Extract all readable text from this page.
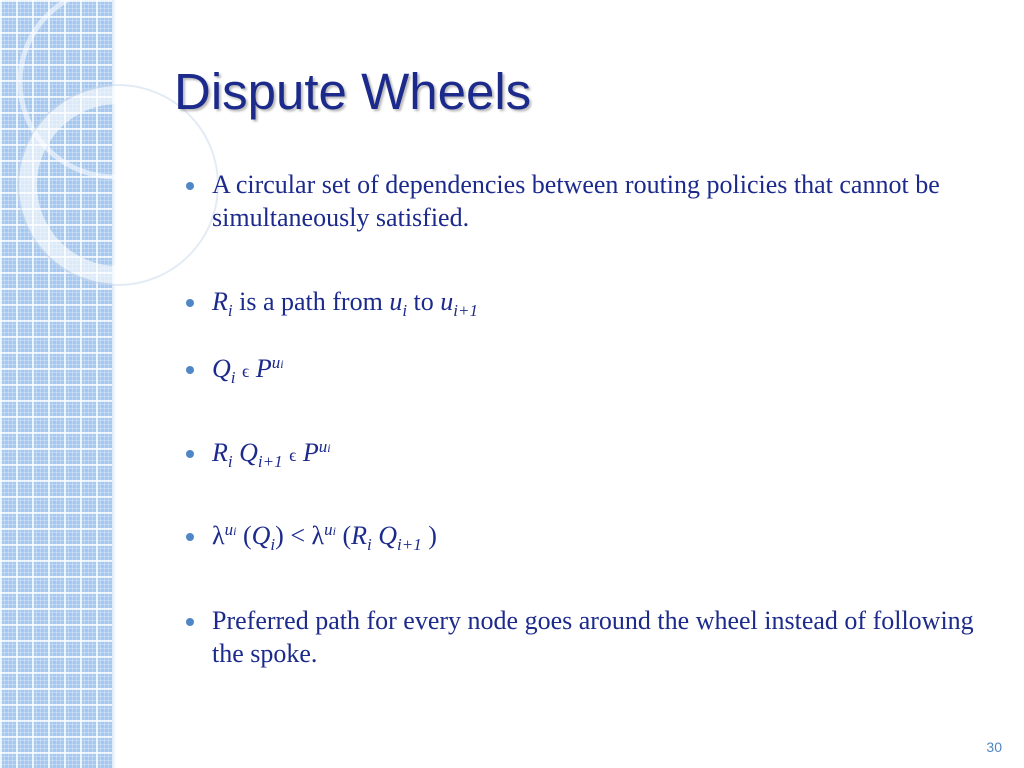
Dispute Wheels
A circular set of dependencies between routing policies that cannot be simultaneously satisfied.
$R_i$ is a path from $u_i$ to $u_{i+1}$
$Q_i$ ϵ $P^{ui}$
$R_i$ $Q_{i+1}$ ϵ $P^{ui}$
$\lambda^{ui}$ $(Q_i) < \lambda^{ui}$ ($R_i$ $Q_{i+1}$ )
Preferred path for every node goes around the wheel instead of following the spoke.
30
